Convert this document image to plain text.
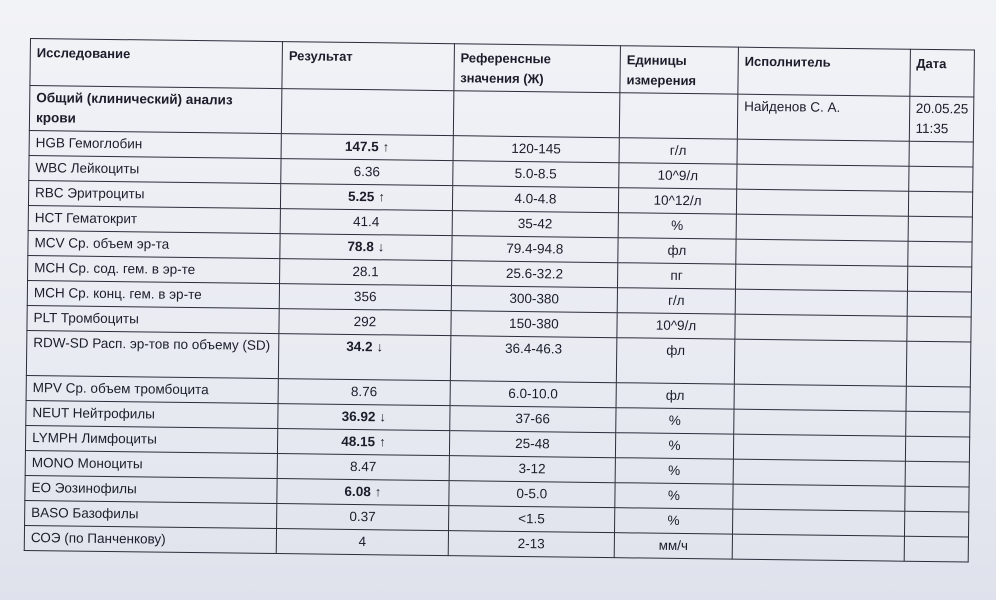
Исследование	Результат	Референсные значения (Ж)	Единицы измерения	Исполнитель	Дата
Общий (клинический) анализ крови				Найденов С. А.	20.05.25
11:35

HGB Гемоглобин	147.5 ↑	120-145	г/л		
WBC Лейкоциты	6.36	5.0-8.5	10^9/л		
RBC Эритроциты	5.25 ↑	4.0-4.8	10^12/л		
HCT Гематокрит	41.4	35-42	%		
MCV Ср. объем эр-та	78.8 ↓	79.4-94.8	фл		
MCH Ср. сод. гем. в эр-те	28.1	25.6-32.2	пг		
MCH Ср. конц. гем. в эр-те	356	300-380	г/л		
PLT Тромбоциты	292	150-380	10^9/л		
RDW-SD Расп. эр-тов по объему (SD)	34.2 ↓	36.4-46.3	фл		
MPV Ср. объем тромбоцита	8.76	6.0-10.0	фл		
NEUT Нейтрофилы	36.92 ↓	37-66	%		
LYMPH Лимфоциты	48.15 ↑	25-48	%		
MONO Моноциты	8.47	3-12	%		
EO Эозинофилы	6.08 ↑	0-5.0	%		
BASO Базофилы	0.37	<1.5	%		
СОЭ (по Панченкову)	4	2-13	мм/ч		
